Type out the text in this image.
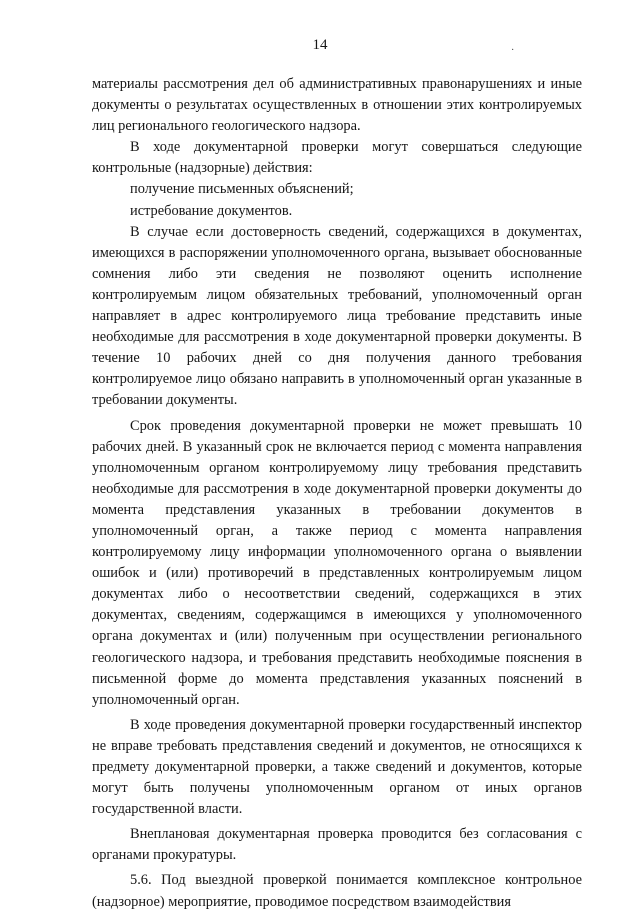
14	·

материалы рассмотрения дел об административных правонарушениях и иные документы о результатах осуществленных в отношении этих контролируемых лиц регионального геологического надзора.

В ходе документарной проверки могут совершаться следующие контрольные (надзорные) действия:

получение письменных объяснений;

истребование документов.

В случае если достоверность сведений, содержащихся в документах, имеющихся в распоряжении уполномоченного органа, вызывает обоснованные сомнения либо эти сведения не позволяют оценить исполнение контролируемым лицом обязательных требований, уполномоченный орган направляет в адрес контролируемого лица требование представить иные необходимые для рассмотрения в ходе документарной проверки документы. В течение 10 рабочих дней со дня получения данного требования контролируемое лицо обязано направить в уполномоченный орган указанные в требовании документы.

Срок проведения документарной проверки не может превышать 10 рабочих дней. В указанный срок не включается период с момента направления уполномоченным органом контролируемому лицу требования представить необходимые для рассмотрения в ходе документарной проверки документы до момента представления указанных в требовании документов в уполномоченный орган, а также период с момента направления контролируемому лицу информации уполномоченного органа о выявлении ошибок и (или) противоречий в представленных контролируемым лицом документах либо о несоответствии сведений, содержащихся в этих документах, сведениям, содержащимся в имеющихся у уполномоченного органа документах и (или) полученным при осуществлении регионального геологического надзора, и требования представить необходимые пояснения в письменной форме до момента представления указанных пояснений в уполномоченный орган.

В ходе проведения документарной проверки государственный инспектор не вправе требовать представления сведений и документов, не относящихся к предмету документарной проверки, а также сведений и документов, которые могут быть получены уполномоченным органом от иных органов государственной власти.

Внеплановая документарная проверка проводится без согласования с органами прокуратуры.

5.6. Под выездной проверкой понимается комплексное контрольное (надзорное) мероприятие, проводимое посредством взаимодействия
